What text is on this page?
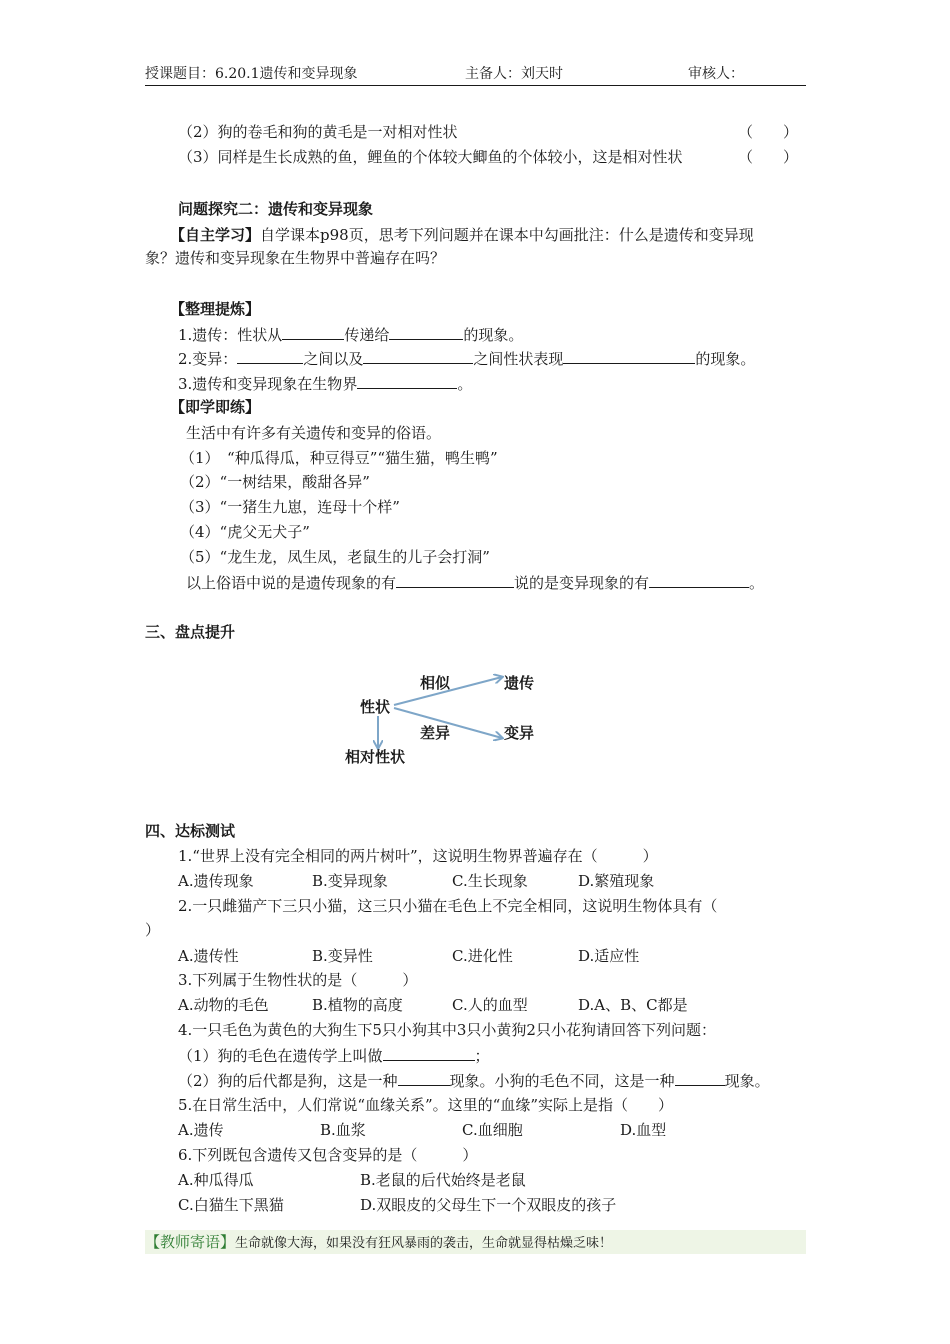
授课题目：6.20.1遗传和变异现象	主备人：刘天时	审核人：
（2）狗的卷毛和狗的黄毛是一对相对性状	（　　）
（3）同样是生长成熟的鱼，鲤鱼的个体较大鲫鱼的个体较小，这是相对性状	（　　）
问题探究二：遗传和变异现象
【自主学习】自学课本p98页，思考下列问题并在课本中勾画批注：什么是遗传和变异现
象？遗传和变异现象在生物界中普遍存在吗？
【整理提炼】
1.遗传：性状从	传递给	的现象。
2.变异：	之间以及	之间性状表现	的现象。
3.遗传和变异现象在生物界	。
【即学即练】
生活中有许多有关遗传和变异的俗语。
（1）　“种瓜得瓜，种豆得豆”“猫生猫，鸭生鸭”
（2）“一树结果，酸甜各异”
（3）“一猪生九崽，连母十个样”
（4）“虎父无犬子”
（5）“龙生龙，凤生凤，老鼠生的儿子会打洞”
以上俗语中说的是遗传现象的有	说的是变异现象的有	。
三、盘点提升
性状
相似	遗传
差异	变异
相对性状
四、达标测试
1.“世界上没有完全相同的两片树叶”，这说明生物界普遍存在（　　　）
A.遗传现象	B.变异现象	C.生长现象	D.繁殖现象
2.一只雌猫产下三只小猫，这三只小猫在毛色上不完全相同，这说明生物体具有（
）
A.遗传性	B.变异性	C.进化性	D.适应性
3.下列属于生物性状的是（　　　）
A.动物的毛色	B.植物的高度	C.人的血型	D.A、B、C都是
4.一只毛色为黄色的大狗生下5只小狗其中3只小黄狗2只小花狗请回答下列问题：
（1）狗的毛色在遗传学上叫做	；
（2）狗的后代都是狗，这是一种	现象。小狗的毛色不同，这是一种	现象。
5.在日常生活中，人们常说“血缘关系”。这里的“血缘”实际上是指（　　）
A.遗传	B.血浆	C.血细胞	D.血型
6.下列既包含遗传又包含变异的是（　　　）
A.种瓜得瓜	B.老鼠的后代始终是老鼠
C.白猫生下黑猫	D.双眼皮的父母生下一个双眼皮的孩子
【教师寄语】生命就像大海，如果没有狂风暴雨的袭击，生命就显得枯燥乏味！
